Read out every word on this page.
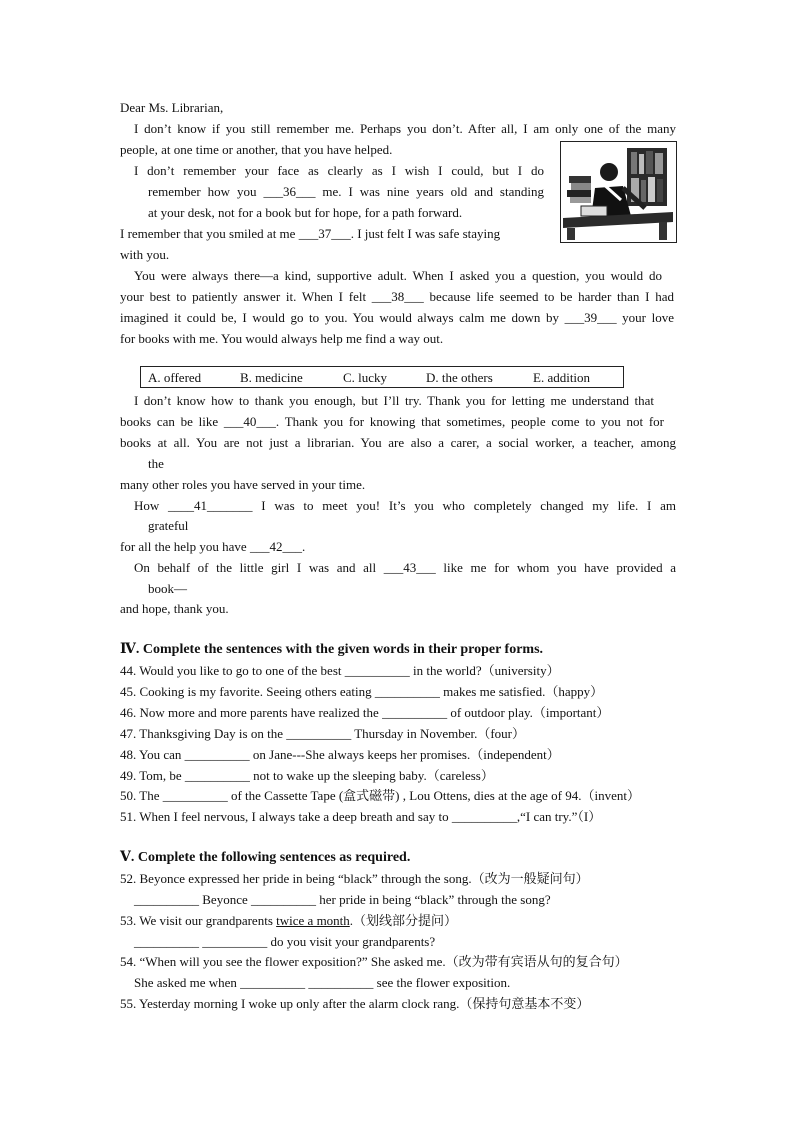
Dear Ms. Librarian,
I don’t know if you still remember me. Perhaps you don’t. After all, I am only one of the many
people, at one time or another, that you have helped.
I don’t remember your face as clearly as I wish I could, but I do
remember how you ___36___ me. I was nine years old and standing
at your desk, not for a book but for hope, for a path forward.
I remember that you smiled at me ___37___. I just felt I was safe staying
with you.
You were always there—a kind, supportive adult. When I asked you a question, you would do
your best to patiently answer it. When I felt ___38___ because life seemed to be harder than I had
imagined it could be, I would go to you. You would always calm me down by ___39___ your love
for books with me. You would always help me find a way out.
A. offered	B. medicine	C. lucky	D. the others	E. addition
I don’t know how to thank you enough, but I’ll try. Thank you for letting me understand that
books can be like ___40___. Thank you for knowing that sometimes, people come to you not for
books at all. You are not just a librarian. You are also a carer, a social worker, a teacher, among
the
many other roles you have served in your time.
How ____41_______ I was to meet you! It’s you who completely changed my life. I am
grateful
for all the help you have ___42___.
On behalf of the little girl I was and all ___43___ like me for whom you have provided a
book—
and hope, thank you.
Ⅳ. Complete the sentences with the given words in their proper forms.
44. Would you like to go to one of the best __________ in the world?（university）
45. Cooking is my favorite. Seeing others eating __________ makes me satisfied.（happy）
46. Now more and more parents have realized the __________ of outdoor play.（important）
47. Thanksgiving Day is on the __________ Thursday in November.（four）
48. You can __________ on Jane---She always keeps her promises.（independent）
49. Tom, be __________ not to wake up the sleeping baby.（careless）
50. The __________ of the Cassette Tape (盒式磁带) , Lou Ottens, dies at the age of 94.（invent）
51. When I feel nervous, I always take a deep breath and say to __________,“I can try.”（I）
Ⅴ. Complete the following sentences as required.
52. Beyonce expressed her pride in being “black” through the song.（改为一般疑问句）
__________ Beyonce __________ her pride in being “black” through the song?
53. We visit our grandparents twice a month.（划线部分提问）
__________ __________ do you visit your grandparents?
54. “When will you see the flower exposition?” She asked me.（改为带有宾语从句的复合句）
She asked me when __________ __________ see the flower exposition.
55. Yesterday morning I woke up only after the alarm clock rang.（保持句意基本不变）
